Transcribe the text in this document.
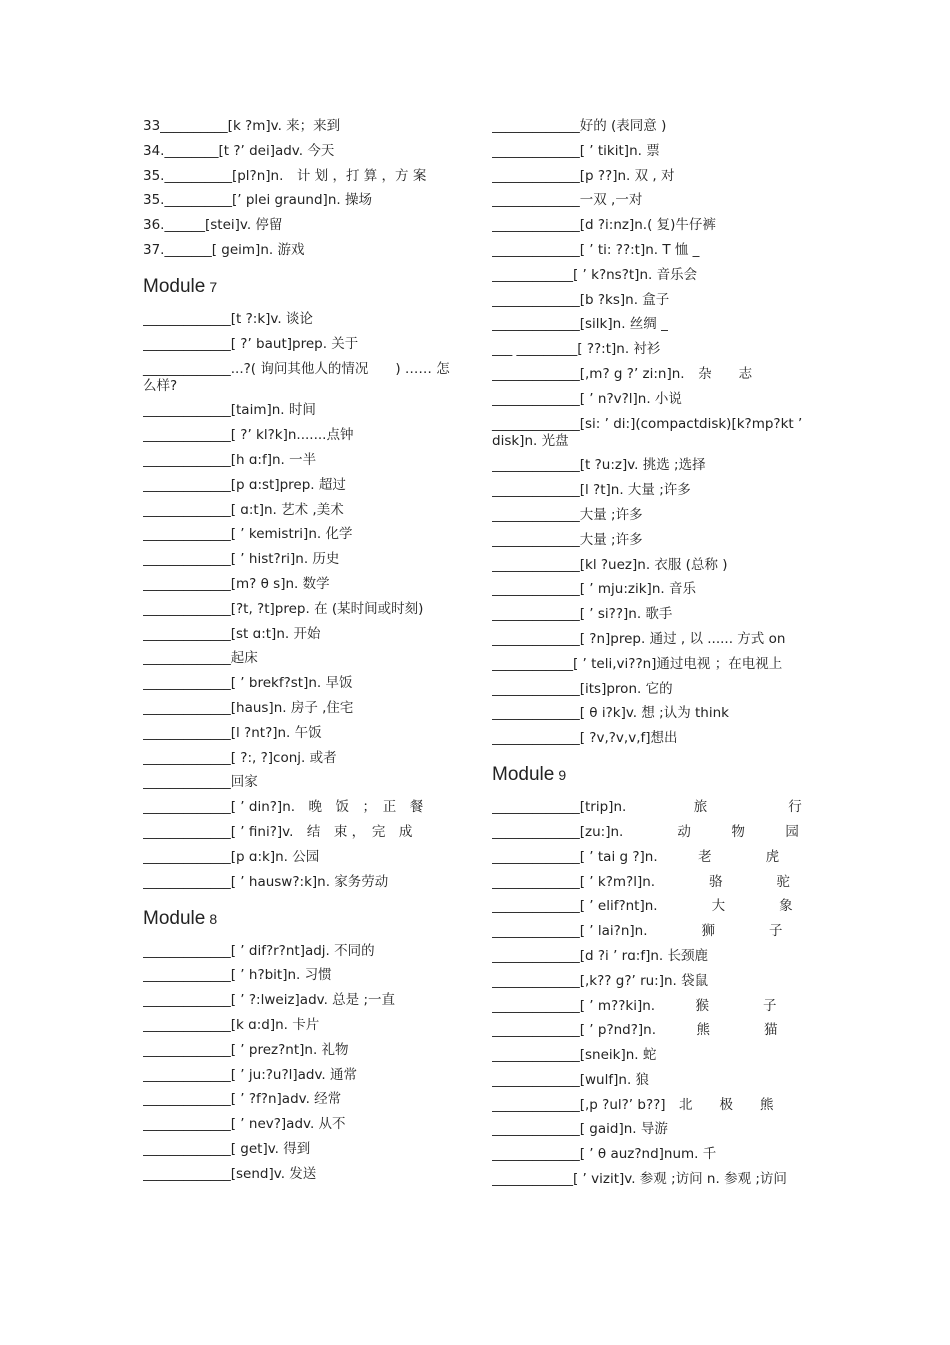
33__________[k ?m]v. 来；来到
34.________[t ?’ dei]adv. 今天
35.__________[pl?n]n.　计 划 ，打 算 ，方 案
35.__________[’ plei graund]n. 操场
36.______[stei]v. 停留
37._______[ geim]n. 游戏
Module 7
_____________[t ?:k]v. 谈论
_____________[ ?’ baut]prep. 关于
_____________...?( 询问其他人的情况　　) …… 怎么样?
_____________[taim]n. 时间
_____________[ ?’ kl?k]n.......点钟
_____________[h ɑ:f]n. 一半
_____________[p ɑ:st]prep. 超过
_____________[ ɑ:t]n. 艺术 ,美术
_____________[ ’ kemistri]n. 化学
_____________[ ’ hist?ri]n. 历史
_____________[m? θ s]n. 数学
_____________[?t, ?t]prep. 在 (某时间或时刻)
_____________[st ɑ:t]n. 开始
_____________起床
_____________[ ’ brekf?st]n. 早饭
_____________[haus]n. 房子 ,住宅
_____________[l ?nt?]n. 午饭
_____________[ ?:, ?]conj. 或者
_____________回家
_____________[ ’ din?]n.　晚　饭　；　正　餐
_____________[ ’ fini?]v.　结　束 ，　完　成
_____________[p ɑ:k]n. 公园
_____________[ ’ hausw?:k]n. 家务劳动
Module 8
_____________[ ’ dif?r?nt]adj. 不同的
_____________[ ’ h?bit]n. 习惯
_____________[ ’ ?:lweiz]adv. 总是 ;一直
_____________[k ɑ:d]n. 卡片
_____________[ ’ prez?nt]n. 礼物
_____________[ ’ ju:?u?l]adv. 通常
_____________[ ’ ?f?n]adv. 经常
_____________[ ’ nev?]adv. 从不
_____________[ get]v. 得到
_____________[send]v. 发送
_____________好的 (表同意 )
_____________[ ’ tikit]n. 票
_____________[p ??]n. 双 , 对
_____________一双 ,一对
_____________[d ?i:nz]n.( 复)牛仔裤
_____________[ ’ ti: ??:t]n. T 恤 _
____________[ ’ k?ns?t]n. 音乐会
_____________[b ?ks]n. 盒子
_____________[silk]n. 丝绸 _
___ _________[ ??:t]n. 衬衫
_____________[,m? g ?’ zi:n]n.　杂　　志
_____________[ ’ n?v?l]n. 小说
_____________[si: ’ di:](compactdisk)[k?mp?kt ’ disk]n. 光盘
_____________[t ?u:z]v. 挑选 ;选择
_____________[l ?t]n. 大量 ;许多
_____________大量 ;许多
_____________大量 ;许多
_____________[kl ?uez]n. 衣服 (总称 )
_____________[ ’ mju:zik]n. 音乐
_____________[ ’ si??]n. 歌手
_____________[ ?n]prep. 通过 , 以 ...... 方式 on
____________[ ’ teli,vi??n]通过电视 ；在电视上
_____________[its]pron. 它的
_____________[ θ i?k]v. 想 ;认为 think
_____________[ ?v,?v,v,f]想出
Module 9
_____________[trip]n.　　　　　旅　　　　　　行
_____________[zu:]n.　　　　动　　　物　　　园
_____________[ ’ tai g ?]n.　　　老　　　　虎
_____________[ ’ k?m?l]n.　　　　骆　　　　驼
_____________[ ’ elif?nt]n.　　　　大　　　　象
_____________[ ’ lai?n]n.　　　　狮　　　　子
_____________[d ?i ’ rɑ:f]n. 长颈鹿
_____________[,k?? g?’ ru:]n. 袋鼠
_____________[ ’ m??ki]n.　　　猴　　　　子
_____________[ ’ p?nd?]n.　　　熊　　　　猫
_____________[sneik]n. 蛇
_____________[wulf]n. 狼
_____________[,p ?ul?’ b??]　北　　极　　熊
_____________[ gaid]n. 导游
_____________[ ’ θ auz?nd]num. 千
____________[ ’ vizit]v. 参观 ;访问 n. 参观 ;访问
